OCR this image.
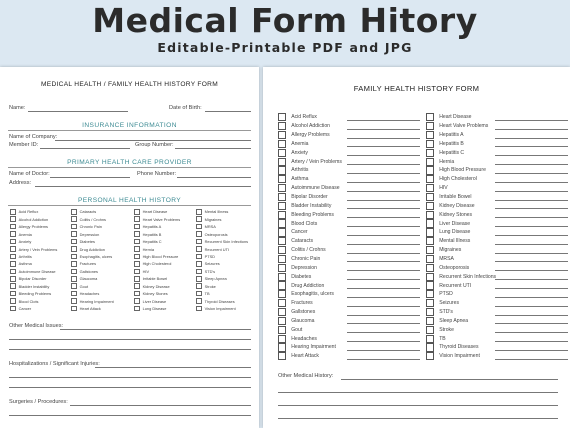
Medical Form Hitory
Editable-Printable PDF and JPG
MEDICAL HEALTH / FAMILY HEALTH HISTORY FORM
Name:	Date of Birth:
INSURANCE INFORMATION
Name of Company:
Member ID:	Group Number:
PRIMARY HEALTH CARE PROVIDER
Name of Doctor:	Phone Number:
Address:
PERSONAL HEALTH HISTORY
Acid Reflux
Alcohol Addiction
Allergy Problems
Anemia
Anxiety
Artery / Vein Problems
Arthritis
Asthma
Autoimmune Disease
Bipolar Disorder
Bladder Instability
Bleeding Problems
Blood Clots
Cancer
Cataracts
Colitis / Crohns
Chronic Pain
Depression
Diabetes
Drug Addiction
Esophagitis, ulcers
Fractures
Gallstones
Glaucoma
Gout
Headaches
Hearing Impairment
Heart Attack
Heart Disease
Heart Valve Problems
Hepatitis A
Hepatitis B
Hepatitis C
Hernia
High Blood Pressure
High Cholesterol
HIV
Irritable Bowel
Kidney Disease
Kidney Stones
Liver Disease
Lung Disease
Mental Illness
Migraines
MRSA
Osteoporosis
Recurrent Skin Infections
Recurrent UTI
PTSD
Seizures
STD's
Sleep Apnea
Stroke
TB
Thyroid Diseases
Vision Impairment
Other Medical Issues:
Hospitalizations / Significant Injuries:
Surgeries / Procedures:
FAMILY HEALTH HISTORY FORM
Acid Reflux
Alcohol Addiction
Allergy Problems
Anemia
Anxiety
Artery / Vein Problems
Arthritis
Asthma
Autoimmune Disease
Bipolar Disorder
Bladder Instability
Bleeding Problems
Blood Clots
Cancer
Cataracts
Colitis / Crohns
Chronic Pain
Depression
Diabetes
Drug Addiction
Esophagitis, ulcers
Fractures
Gallstones
Glaucoma
Gout
Headaches
Hearing Impairment
Heart Attack
Heart Disease
Heart Valve Problems
Hepatitis A
Hepatitis B
Hepatitis C
Hernia
High Blood Pressure
High Cholesterol
HIV
Irritable Bowel
Kidney Disease
Kidney Stones
Liver Disease
Lung Disease
Mental Illness
Migraines
MRSA
Osteoporosis
Recurrent Skin Infections
Recurrent UTI
PTSD
Seizures
STD's
Sleep Apnea
Stroke
TB
Thyroid Diseases
Vision Impairment
Other Medical History:
